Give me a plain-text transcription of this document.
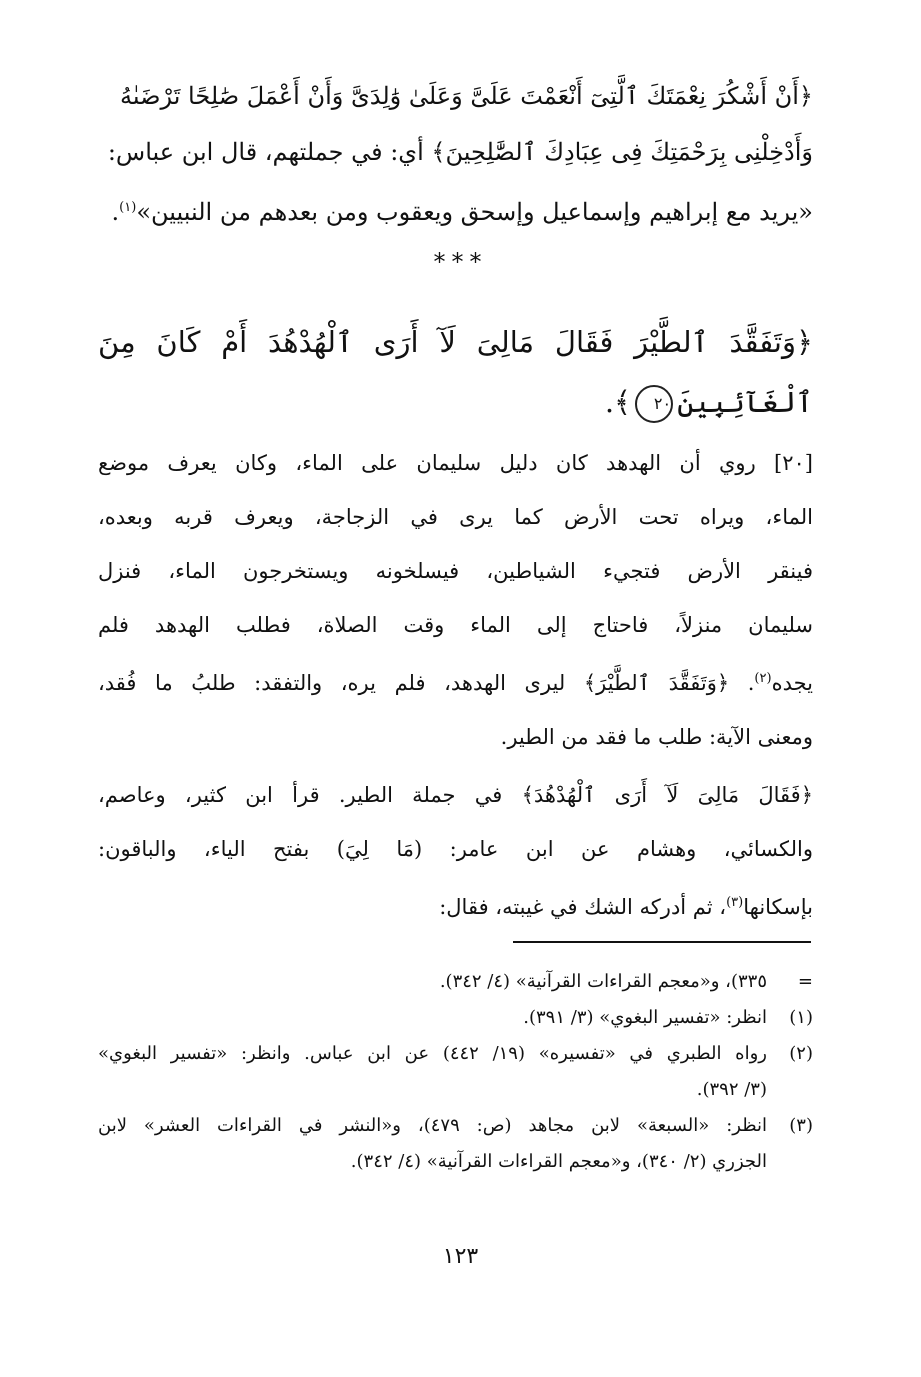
﴿أَنْ أَشْكُرَ نِعْمَتَكَ ٱلَّتِىٓ أَنْعَمْتَ عَلَىَّ وَعَلَىٰ وَٰلِدَىَّ وَأَنْ أَعْمَلَ صَٰلِحًا تَرْضَىٰهُ
وَأَدْخِلْنِى بِرَحْمَتِكَ فِى عِبَادِكَ ٱلصَّٰلِحِينَ﴾ أي: في جملتهم، قال ابن عباس:
«يريد مع إبراهيم وإسماعيل وإسحق ويعقوب ومن بعدهم من النبيين»$^{(١)}$.
***
﴿وَتَفَقَّدَ ٱلطَّيْرَ فَقَالَ مَالِىَ لَآ أَرَى ٱلْهُدْهُدَ أَمْ كَانَ مِنَ
ٱلْغَآئِبِينَ٢٠﴾.
[٢٠] روي أن الهدهد كان دليل سليمان على الماء، وكان يعرف موضع
الماء، ويراه تحت الأرض كما يرى في الزجاجة، ويعرف قربه وبعده،
فينقر الأرض فتجيء الشياطين، فيسلخونه ويستخرجون الماء، فنزل
سليمان منزلاً، فاحتاج إلى الماء وقت الصلاة، فطلب الهدهد فلم
يجده$^{(٢)}$. ﴿وَتَفَقَّدَ ٱلطَّيْرَ﴾ ليرى الهدهد، فلم يره، والتفقد: طلبُ ما فُقد،
ومعنى الآية: طلب ما فقد من الطير.
﴿فَقَالَ مَالِىَ لَآ أَرَى ٱلْهُدْهُدَ﴾ في جملة الطير. قرأ ابن كثير، وعاصم،
والكسائي، وهشام عن ابن عامر: (مَا لِيَ) بفتح الياء، والباقون:
بإسكانها$^{(٣)}$، ثم أدركه الشك في غيبته، فقال:
=
٣٣٥)، و«معجم القراءات القرآنية» (٤/ ٣٤٢).
(١)
انظر: «تفسير البغوي» (٣/ ٣٩١).
(٢)
رواه الطبري في «تفسيره» (١٩/ ٤٤٢) عن ابن عباس. وانظر: «تفسير البغوي»
(٣/ ٣٩٢).
(٣)
انظر: «السبعة» لابن مجاهد (ص: ٤٧٩)، و«النشر في القراءات العشر» لابن
الجزري (٢/ ٣٤٠)، و«معجم القراءات القرآنية» (٤/ ٣٤٢).
١٢٣
